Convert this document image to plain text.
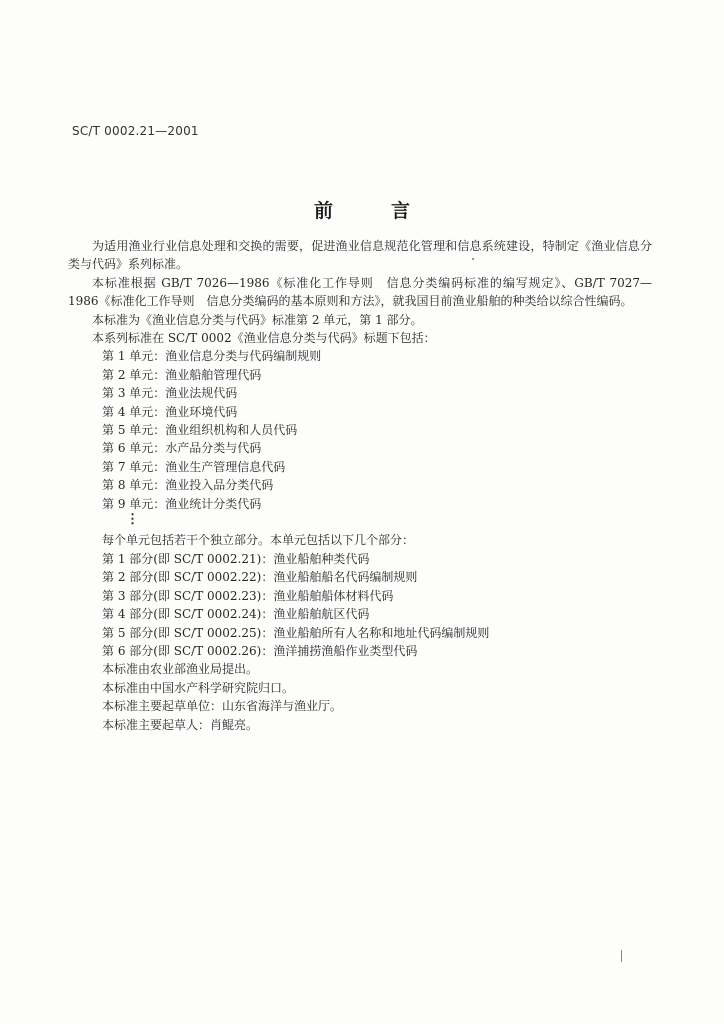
SC/T 0002.21—2001
前言

为适用渔业行业信息处理和交换的需要，促进渔业信息规范化管理和信息系统建设，特制定《渔业信息分类与代码》系列标准。

本标准根据 GB/T 7026—1986《标准化工作导则　信息分类编码标准的编写规定》、GB/T 7027—1986《标准化工作导则　信息分类编码的基本原则和方法》，就我国目前渔业船舶的种类给以综合性编码。

本标准为《渔业信息分类与代码》标准第 2 单元，第 1 部分。

本系列标准在 SC/T 0002《渔业信息分类与代码》标题下包括：

第 1 单元：渔业信息分类与代码编制规则

第 2 单元：渔业船舶管理代码

第 3 单元：渔业法规代码

第 4 单元：渔业环境代码

第 5 单元：渔业组织机构和人员代码

第 6 单元：水产品分类与代码

第 7 单元：渔业生产管理信息代码

第 8 单元：渔业投入品分类代码

第 9 单元：渔业统计分类代码

⋮

每个单元包括若干个独立部分。本单元包括以下几个部分：

第 1 部分(即 SC/T 0002.21)：渔业船舶种类代码

第 2 部分(即 SC/T 0002.22)：渔业船舶船名代码编制规则

第 3 部分(即 SC/T 0002.23)：渔业船舶船体材料代码

第 4 部分(即 SC/T 0002.24)：渔业船舶航区代码

第 5 部分(即 SC/T 0002.25)：渔业船舶所有人名称和地址代码编制规则

第 6 部分(即 SC/T 0002.26)：渔洋捕捞渔船作业类型代码

本标准由农业部渔业局提出。

本标准由中国水产科学研究院归口。

本标准主要起草单位：山东省海洋与渔业厅。

本标准主要起草人：肖鲲亮。
